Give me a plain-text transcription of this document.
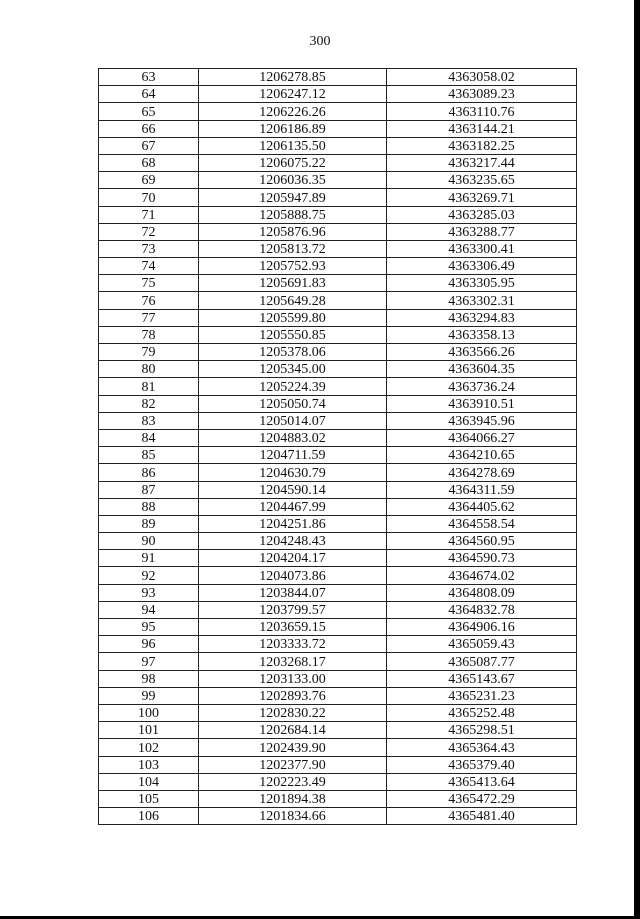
300
63	1206278.85	4363058.02
64	1206247.12	4363089.23
65	1206226.26	4363110.76
66	1206186.89	4363144.21
67	1206135.50	4363182.25
68	1206075.22	4363217.44
69	1206036.35	4363235.65
70	1205947.89	4363269.71
71	1205888.75	4363285.03
72	1205876.96	4363288.77
73	1205813.72	4363300.41
74	1205752.93	4363306.49
75	1205691.83	4363305.95
76	1205649.28	4363302.31
77	1205599.80	4363294.83
78	1205550.85	4363358.13
79	1205378.06	4363566.26
80	1205345.00	4363604.35
81	1205224.39	4363736.24
82	1205050.74	4363910.51
83	1205014.07	4363945.96
84	1204883.02	4364066.27
85	1204711.59	4364210.65
86	1204630.79	4364278.69
87	1204590.14	4364311.59
88	1204467.99	4364405.62
89	1204251.86	4364558.54
90	1204248.43	4364560.95
91	1204204.17	4364590.73
92	1204073.86	4364674.02
93	1203844.07	4364808.09
94	1203799.57	4364832.78
95	1203659.15	4364906.16
96	1203333.72	4365059.43
97	1203268.17	4365087.77
98	1203133.00	4365143.67
99	1202893.76	4365231.23
100	1202830.22	4365252.48
101	1202684.14	4365298.51
102	1202439.90	4365364.43
103	1202377.90	4365379.40
104	1202223.49	4365413.64
105	1201894.38	4365472.29
106	1201834.66	4365481.40
